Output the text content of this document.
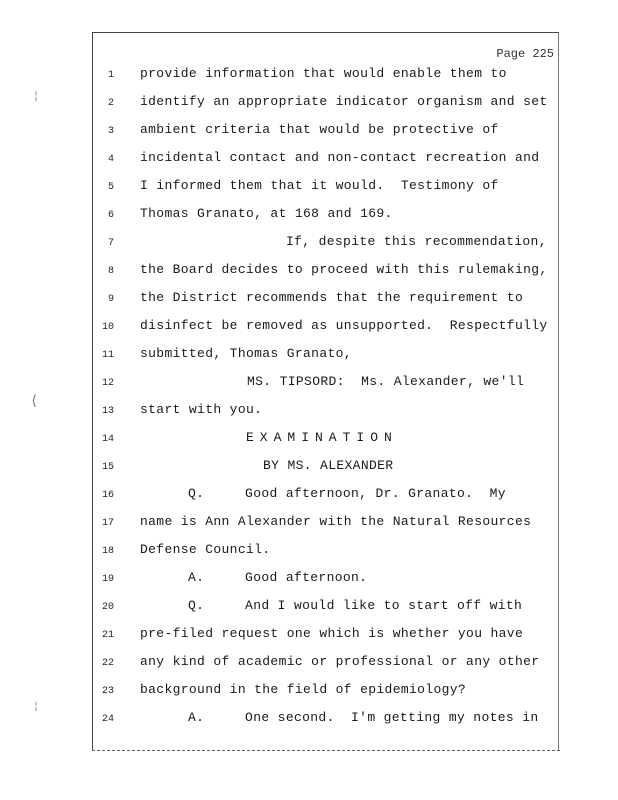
Page 225
¦
⟨
¦
1 provide information that would enable them to
2 identify an appropriate indicator organism and set
3 ambient criteria that would be protective of
4 incidental contact and non-contact recreation and
5 I informed them that it would.  Testimony of
6 Thomas Granato, at 168 and 169.
7	If, despite this recommendation,
8 the Board decides to proceed with this rulemaking,
9 the District recommends that the requirement to
10 disinfect be removed as unsupported.  Respectfully
11 submitted, Thomas Granato,
12	MS. TIPSORD:  Ms. Alexander, we'll
13 start with you.
14	EXAMINATION
15	BY MS. ALEXANDER
16	Q.     Good afternoon, Dr. Granato.  My
17 name is Ann Alexander with the Natural Resources
18 Defense Council.
19	A.     Good afternoon.
20	Q.     And I would like to start off with
21 pre-filed request one which is whether you have
22 any kind of academic or professional or any other
23 background in the field of epidemiology?
24	A.     One second.  I'm getting my notes in
